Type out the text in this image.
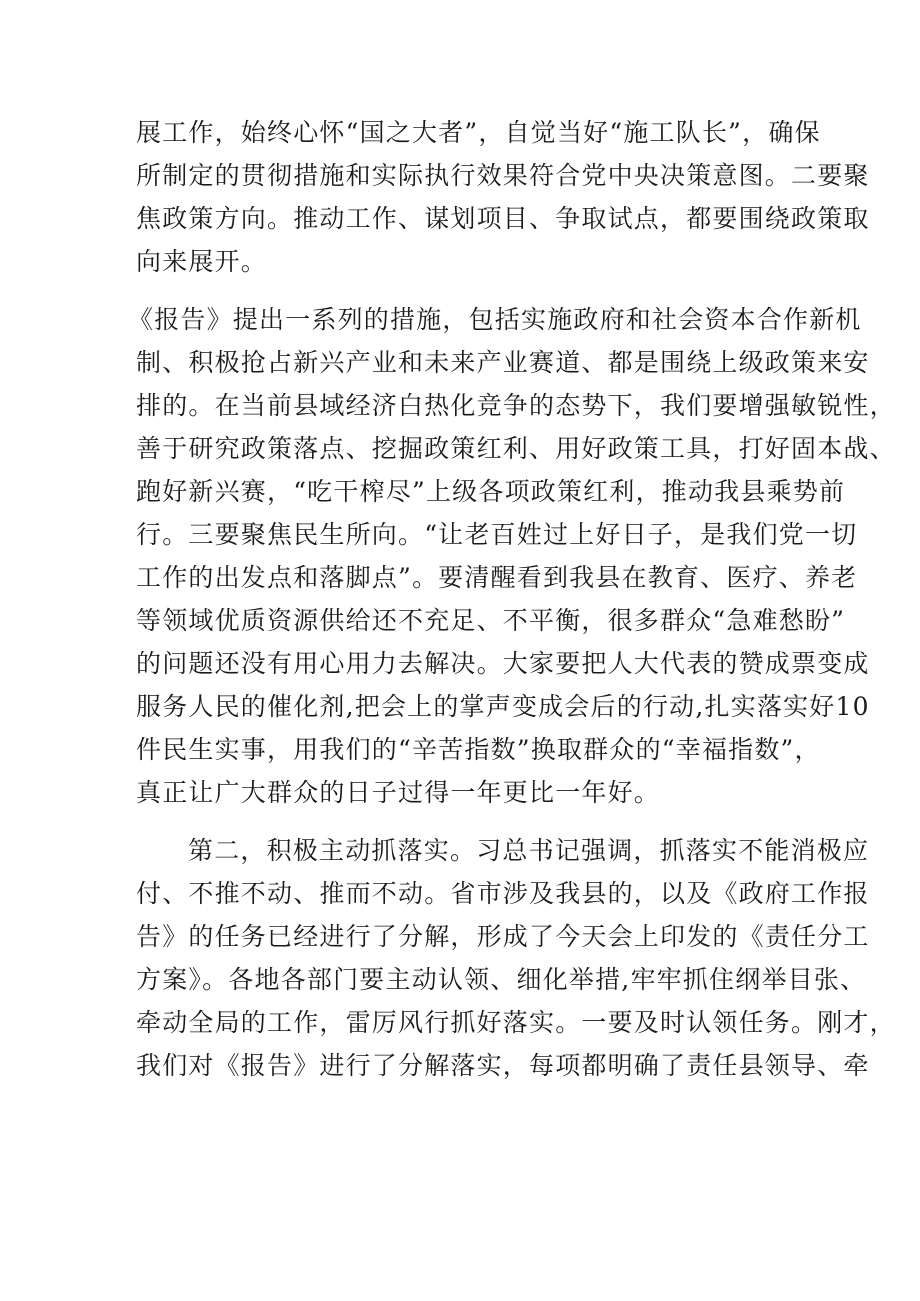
展工作，始终心怀“国之大者”，自觉当好“施工队长”，确保
所制定的贯彻措施和实际执行效果符合党中央决策意图。二要聚
焦政策方向。推动工作、谋划项目、争取试点，都要围绕政策取
向来展开。
《报告》提出一系列的措施，包括实施政府和社会资本合作新机
制、积极抢占新兴产业和未来产业赛道、都是围绕上级政策来安
排的。在当前县域经济白热化竞争的态势下，我们要增强敏锐性，
善于研究政策落点、挖掘政策红利、用好政策工具，打好固本战、
跑好新兴赛，“吃干榨尽”上级各项政策红利，推动我县乘势前
行。三要聚焦民生所向。“让老百姓过上好日子，是我们党一切
工作的出发点和落脚点”。要清醒看到我县在教育、医疗、养老
等领域优质资源供给还不充足、不平衡，很多群众“急难愁盼”
的问题还没有用心用力去解决。大家要把人大代表的赞成票变成
服务人民的催化剂,把会上的掌声变成会后的行动,扎实落实好10
件民生实事，用我们的“辛苦指数”换取群众的“幸福指数”，
真正让广大群众的日子过得一年更比一年好。
第二，积极主动抓落实。习总书记强调，抓落实不能消极应
付、不推不动、推而不动。省市涉及我县的，以及《政府工作报
告》的任务已经进行了分解，形成了今天会上印发的《责任分工
方案》。各地各部门要主动认领、细化举措,牢牢抓住纲举目张、
牵动全局的工作，雷厉风行抓好落实。一要及时认领任务。刚才，
我们对《报告》进行了分解落实，每项都明确了责任县领导、牵
